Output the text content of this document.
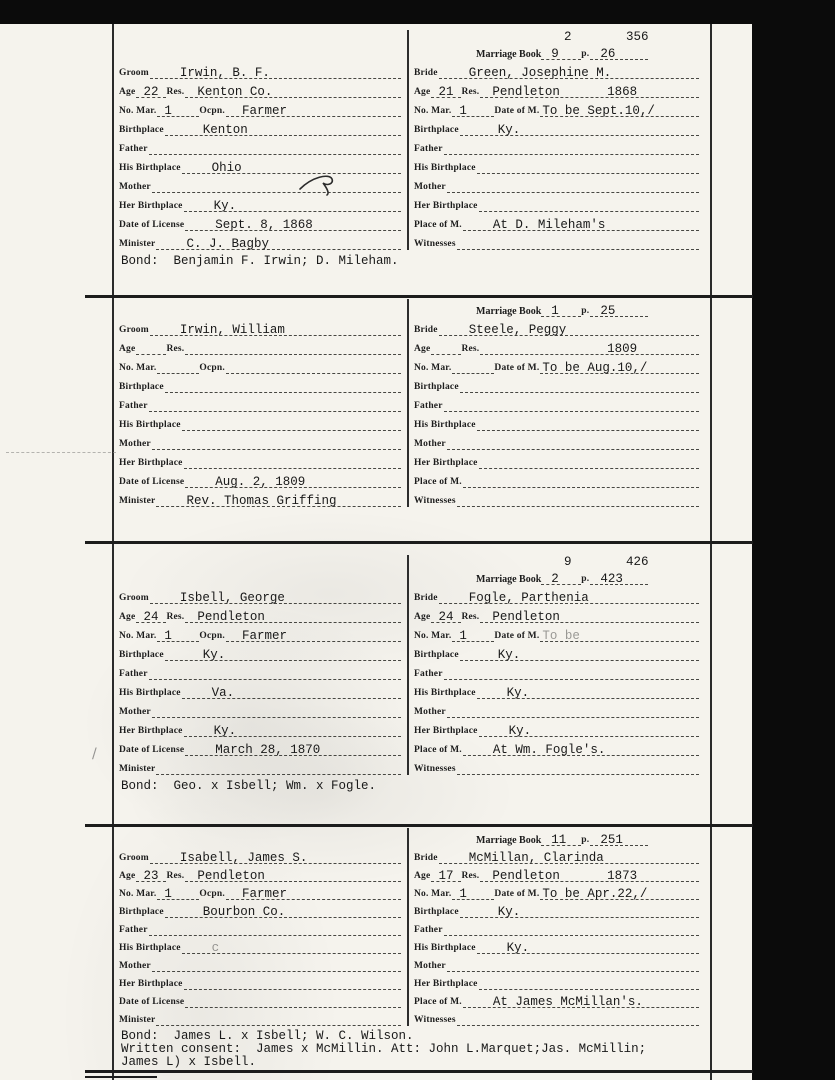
Groom Irwin, B. F.
Age 22 Res. Kenton Co.
No. Mar. 1	Ocpn. Farmer
Birthplace	Kenton
Father
His Birthplace Ohio
Mother
Her Birthplace Ky.
Date of License Sept. 8, 1868
Minister C. J. Bagby
2	356
Marriage Book 9 p. 26
Bride Green, Josephine M.
Age 21 Res. Pendleton	1868
No. Mar. 1	Date of M. To be Sept.10,/
Birthplace	Ky.
Father
His Birthplace
Mother
Her Birthplace
Place of M. At D. Mileham's
Witnesses
Bond:  Benjamin F. Irwin; D. Mileham.
Groom Irwin, William
Age	Res.
No. Mar.	Ocpn.
Birthplace
Father
His Birthplace
Mother
Her Birthplace
Date of License Aug. 2, 1809
Minister Rev. Thomas Griffing
Marriage Book 1 p. 25
Bride Steele, Peggy
Age	Res.	1809
No. Mar.	Date of M. To be Aug.10,/
Birthplace
Father
His Birthplace
Mother
Her Birthplace
Place of M.
Witnesses
Groom Isbell, George
Age 24 Res. Pendleton
No. Mar. 1	Ocpn. Farmer
Birthplace	Ky.
Father
His Birthplace Va.
Mother
Her Birthplace Ky.
Date of License March 28, 1870
Minister
9	426
Marriage Book 2 p. 423
Bride Fogle, Parthenia
Age 24 Res. Pendleton
No. Mar. 1	Date of M. To be
Birthplace	Ky.
Father
His Birthplace Ky.
Mother
Her Birthplace Ky.
Place of M. At Wm. Fogle's.
Witnesses
Bond:  Geo. x Isbell; Wm. x Fogle.
Groom Isabell, James S.
Age 23 Res. Pendleton
No. Mar. 1	Ocpn. Farmer
Birthplace	Bourbon Co.
Father
His Birthplace c
Mother
Her Birthplace
Date of License
Minister
Marriage Book 11 p. 251
Bride McMillan, Clarinda
Age 17 Res. Pendleton	1873
No. Mar. 1	Date of M. To be Apr.22,/
Birthplace	Ky.
Father
His Birthplace Ky.
Mother
Her Birthplace
Place of M. At James McMillan's.
Witnesses
Bond:  James L. x Isbell; W. C. Wilson.
Written consent:  James x McMillin. Att: John L.Marquet;Jas. McMillin;
James L) x Isbell.
/
